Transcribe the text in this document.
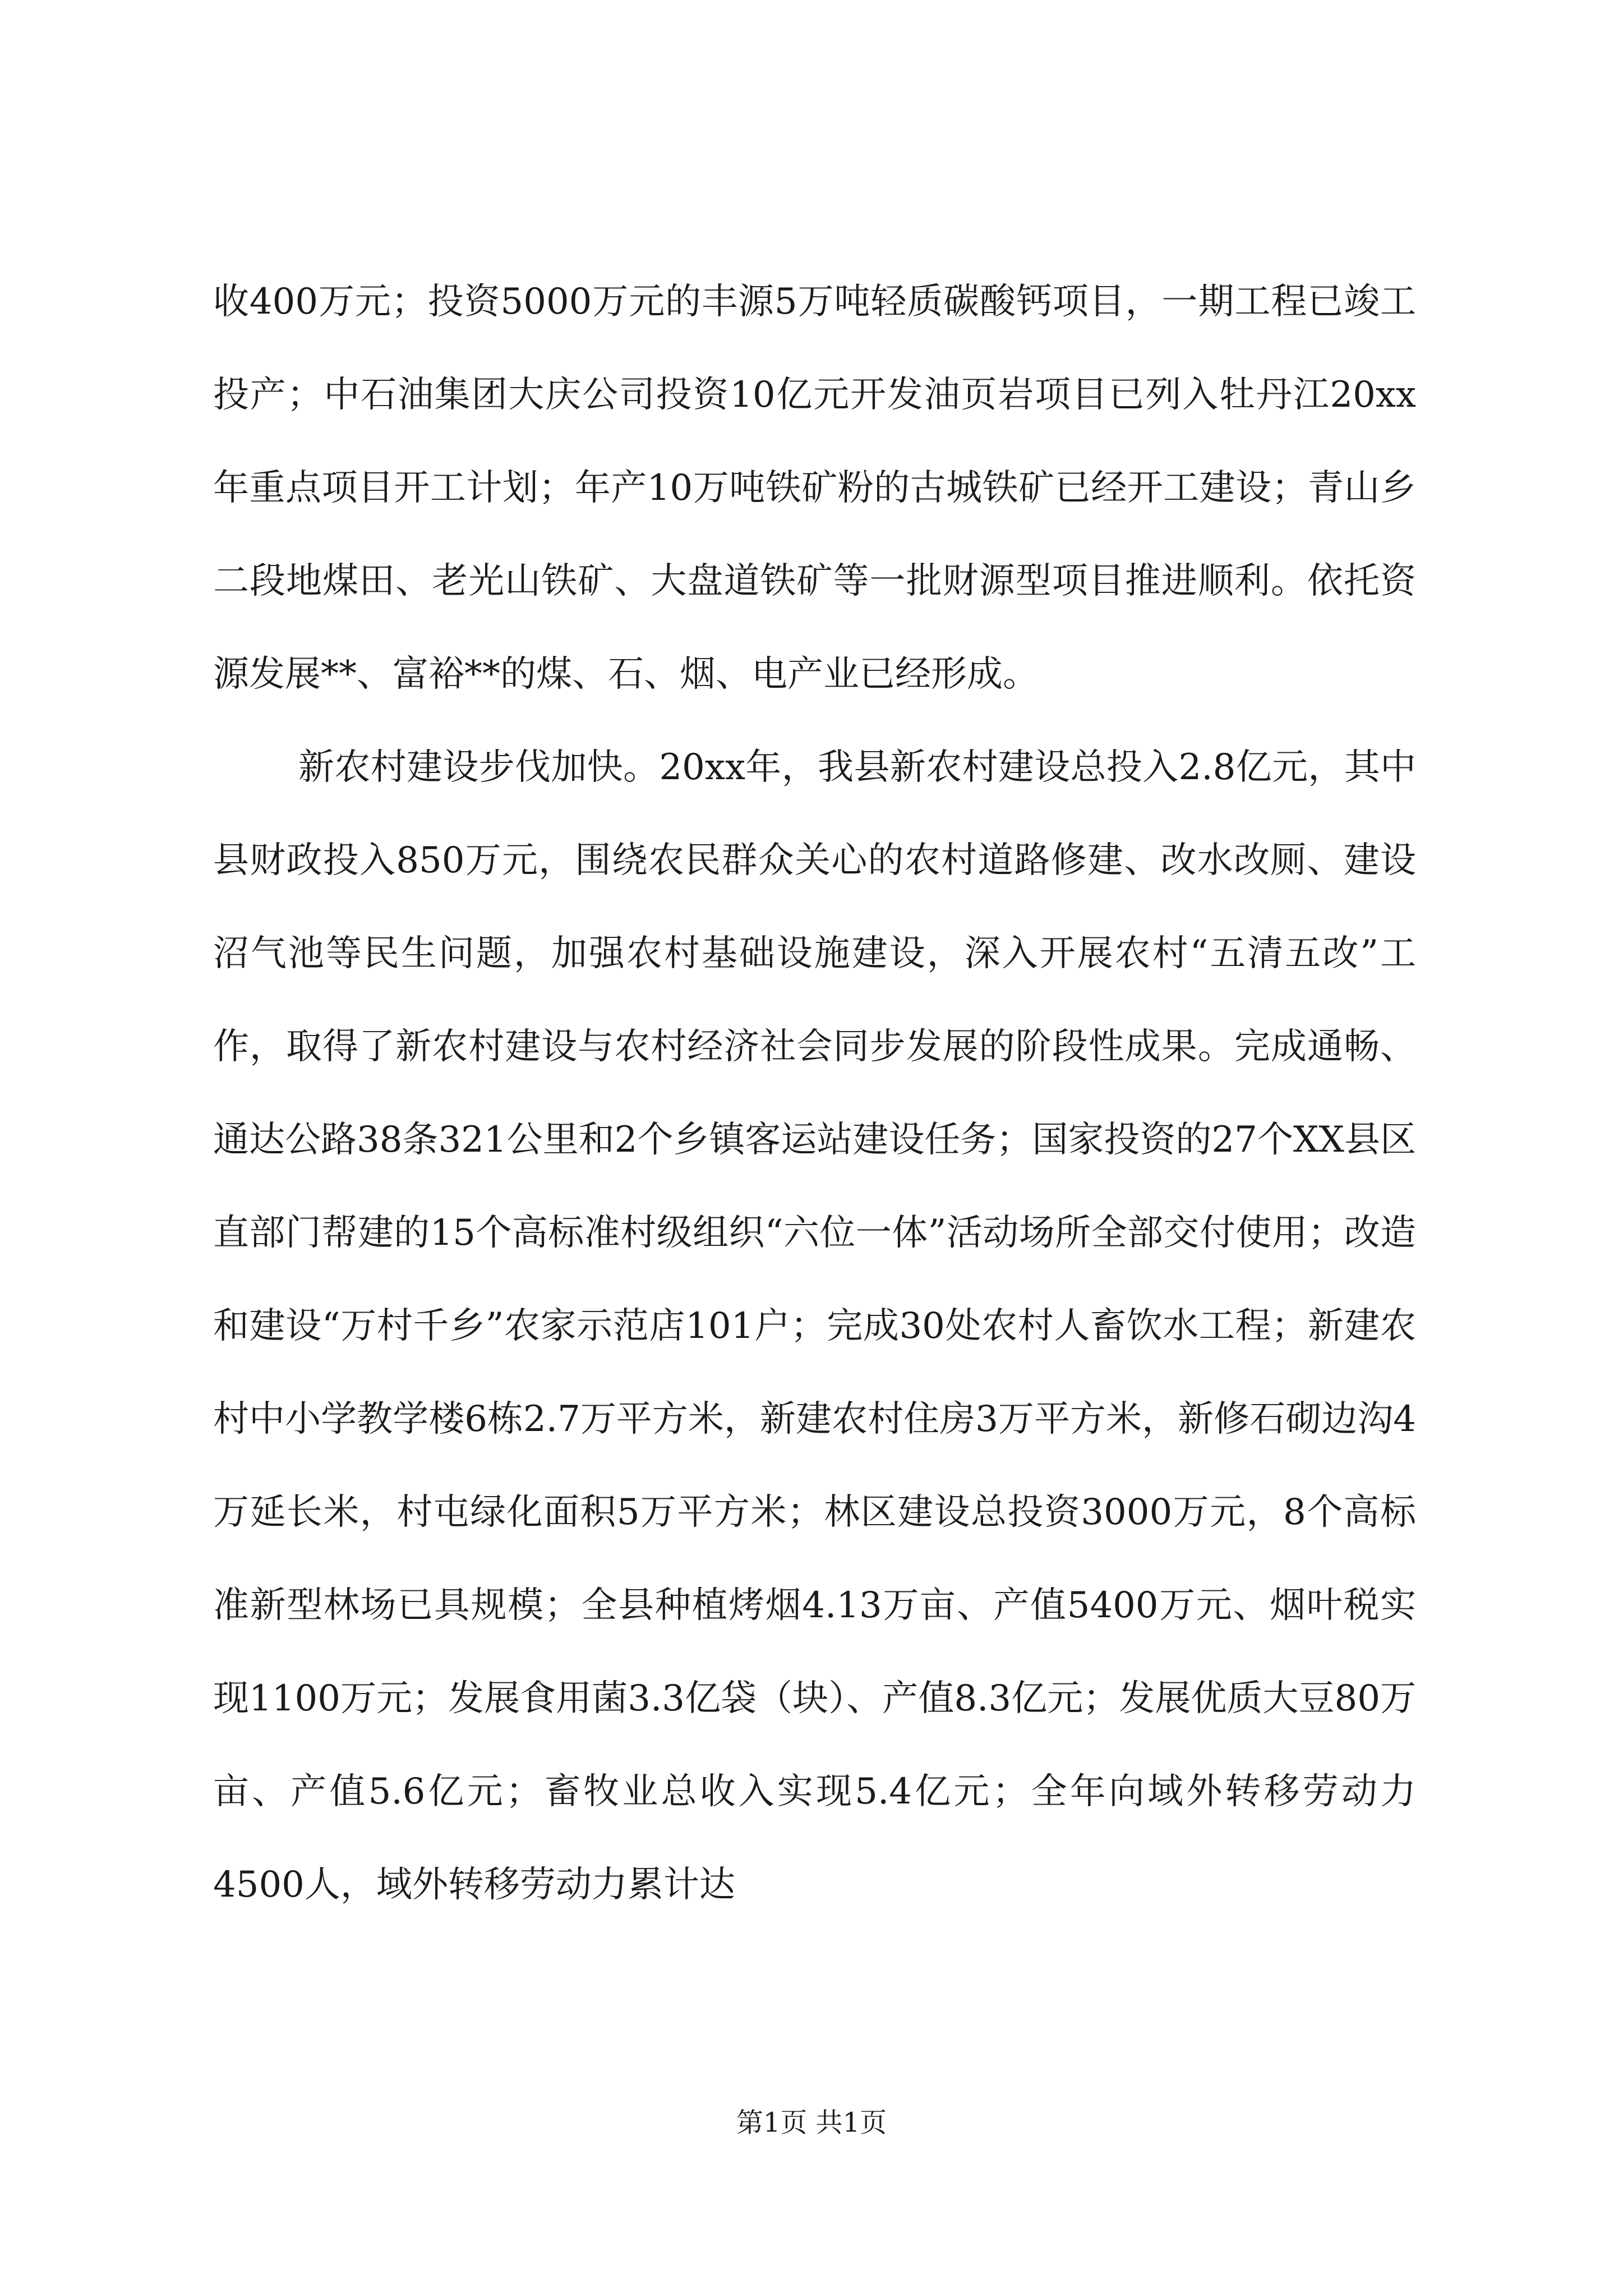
收400万元；投资5000万元的丰源5万吨轻质碳酸钙项目，一期工程已竣工投产；中石油集团大庆公司投资10亿元开发油页岩项目已列入牡丹江20xx年重点项目开工计划；年产10万吨铁矿粉的古城铁矿已经开工建设；青山乡二段地煤田、老光山铁矿、大盘道铁矿等一批财源型项目推进顺利。依托资源发展**、富裕**的煤、石、烟、电产业已经形成。

新农村建设步伐加快。20xx年，我县新农村建设总投入2.8亿元，其中县财政投入850万元，围绕农民群众关心的农村道路修建、改水改厕、建设沼气池等民生问题，加强农村基础设施建设，深入开展农村“五清五改”工作，取得了新农村建设与农村经济社会同步发展的阶段性成果。完成通畅、通达公路38条321公里和2个乡镇客运站建设任务；国家投资的27个XX县区直部门帮建的15个高标准村级组织“六位一体”活动场所全部交付使用；改造和建设“万村千乡”农家示范店101户；完成30处农村人畜饮水工程；新建农村中小学教学楼6栋2.7万平方米，新建农村住房3万平方米，新修石砌边沟4万延长米，村屯绿化面积5万平方米；林区建设总投资3000万元，8个高标准新型林场已具规模；全县种植烤烟4.13万亩、产值5400万元、烟叶税实现1100万元；发展食用菌3.3亿袋（块）、产值8.3亿元；发展优质大豆80万亩、产值5.6亿元；畜牧业总收入实现5.4亿元；全年向域外转移劳动力4500人，域外转移劳动力累计达

第1页 共1页
